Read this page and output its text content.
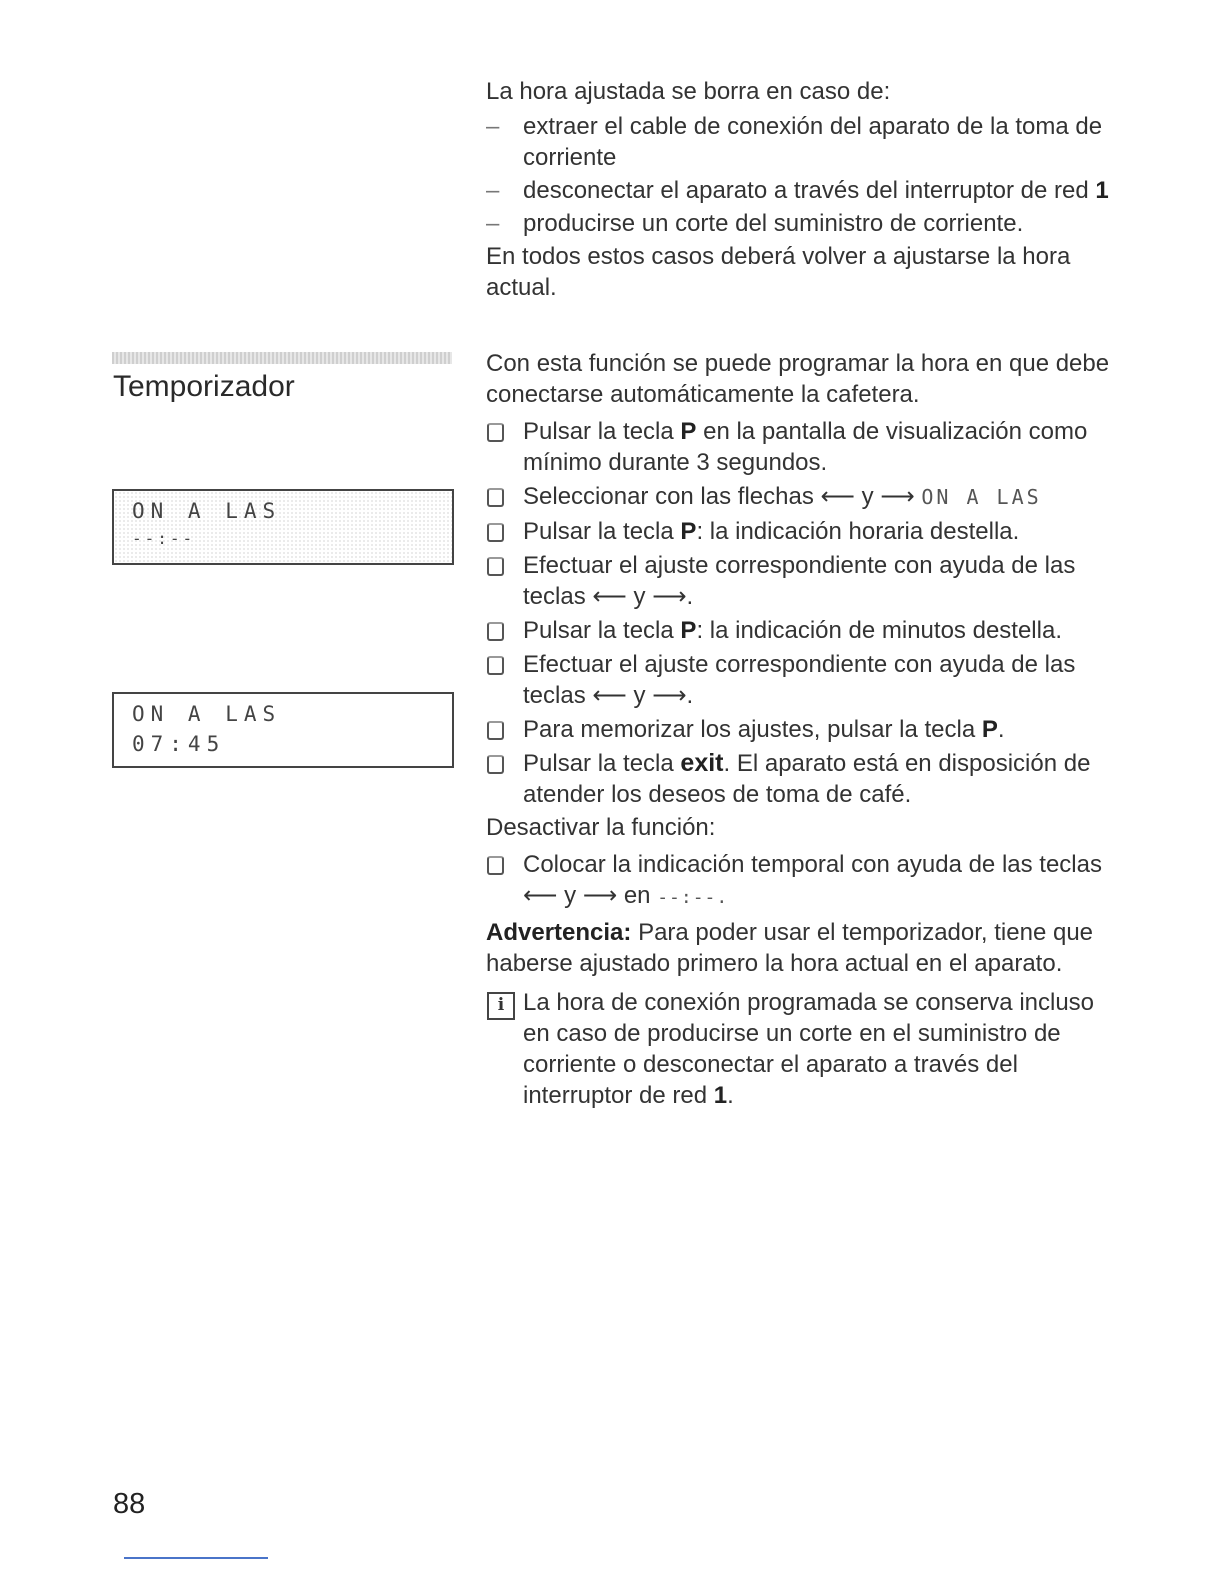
La hora ajustada se borra en caso de:

– extraer el cable de conexión del aparato de la toma de corriente
– desconectar el aparato a través del interruptor de red 1
– producirse un corte del suministro de corriente.

En todos estos casos deberá volver a ajustarse la hora actual.

Temporizador
ON A LAS
--:--
ON A LAS
07:45

Con esta función se puede programar la hora en que debe conectarse automáticamente la cafetera.

Pulsar la tecla P en la pantalla de visualización como mínimo durante 3 segundos.
Seleccionar con las flechas ⟵ y ⟶ ON A LAS
Pulsar la tecla P: la indicación horaria destella.
Efectuar el ajuste correspondiente con ayuda de las teclas ⟵ y ⟶.
Pulsar la tecla P: la indicación de minutos destella.
Efectuar el ajuste correspondiente con ayuda de las teclas ⟵ y ⟶.
Para memorizar los ajustes, pulsar la tecla P.
Pulsar la tecla exit. El aparato está en disposición de atender los deseos de toma de café.

Desactivar la función:

Colocar la indicación temporal con ayuda de las teclas ⟵ y ⟶ en --:--.

Advertencia: Para poder usar el temporizador, tiene que haberse ajustado primero la hora actual en el aparato.

i La hora de conexión programada se conserva incluso en caso de producirse un corte en el suministro de corriente o desconectar el aparato a través del interruptor de red 1.
88
